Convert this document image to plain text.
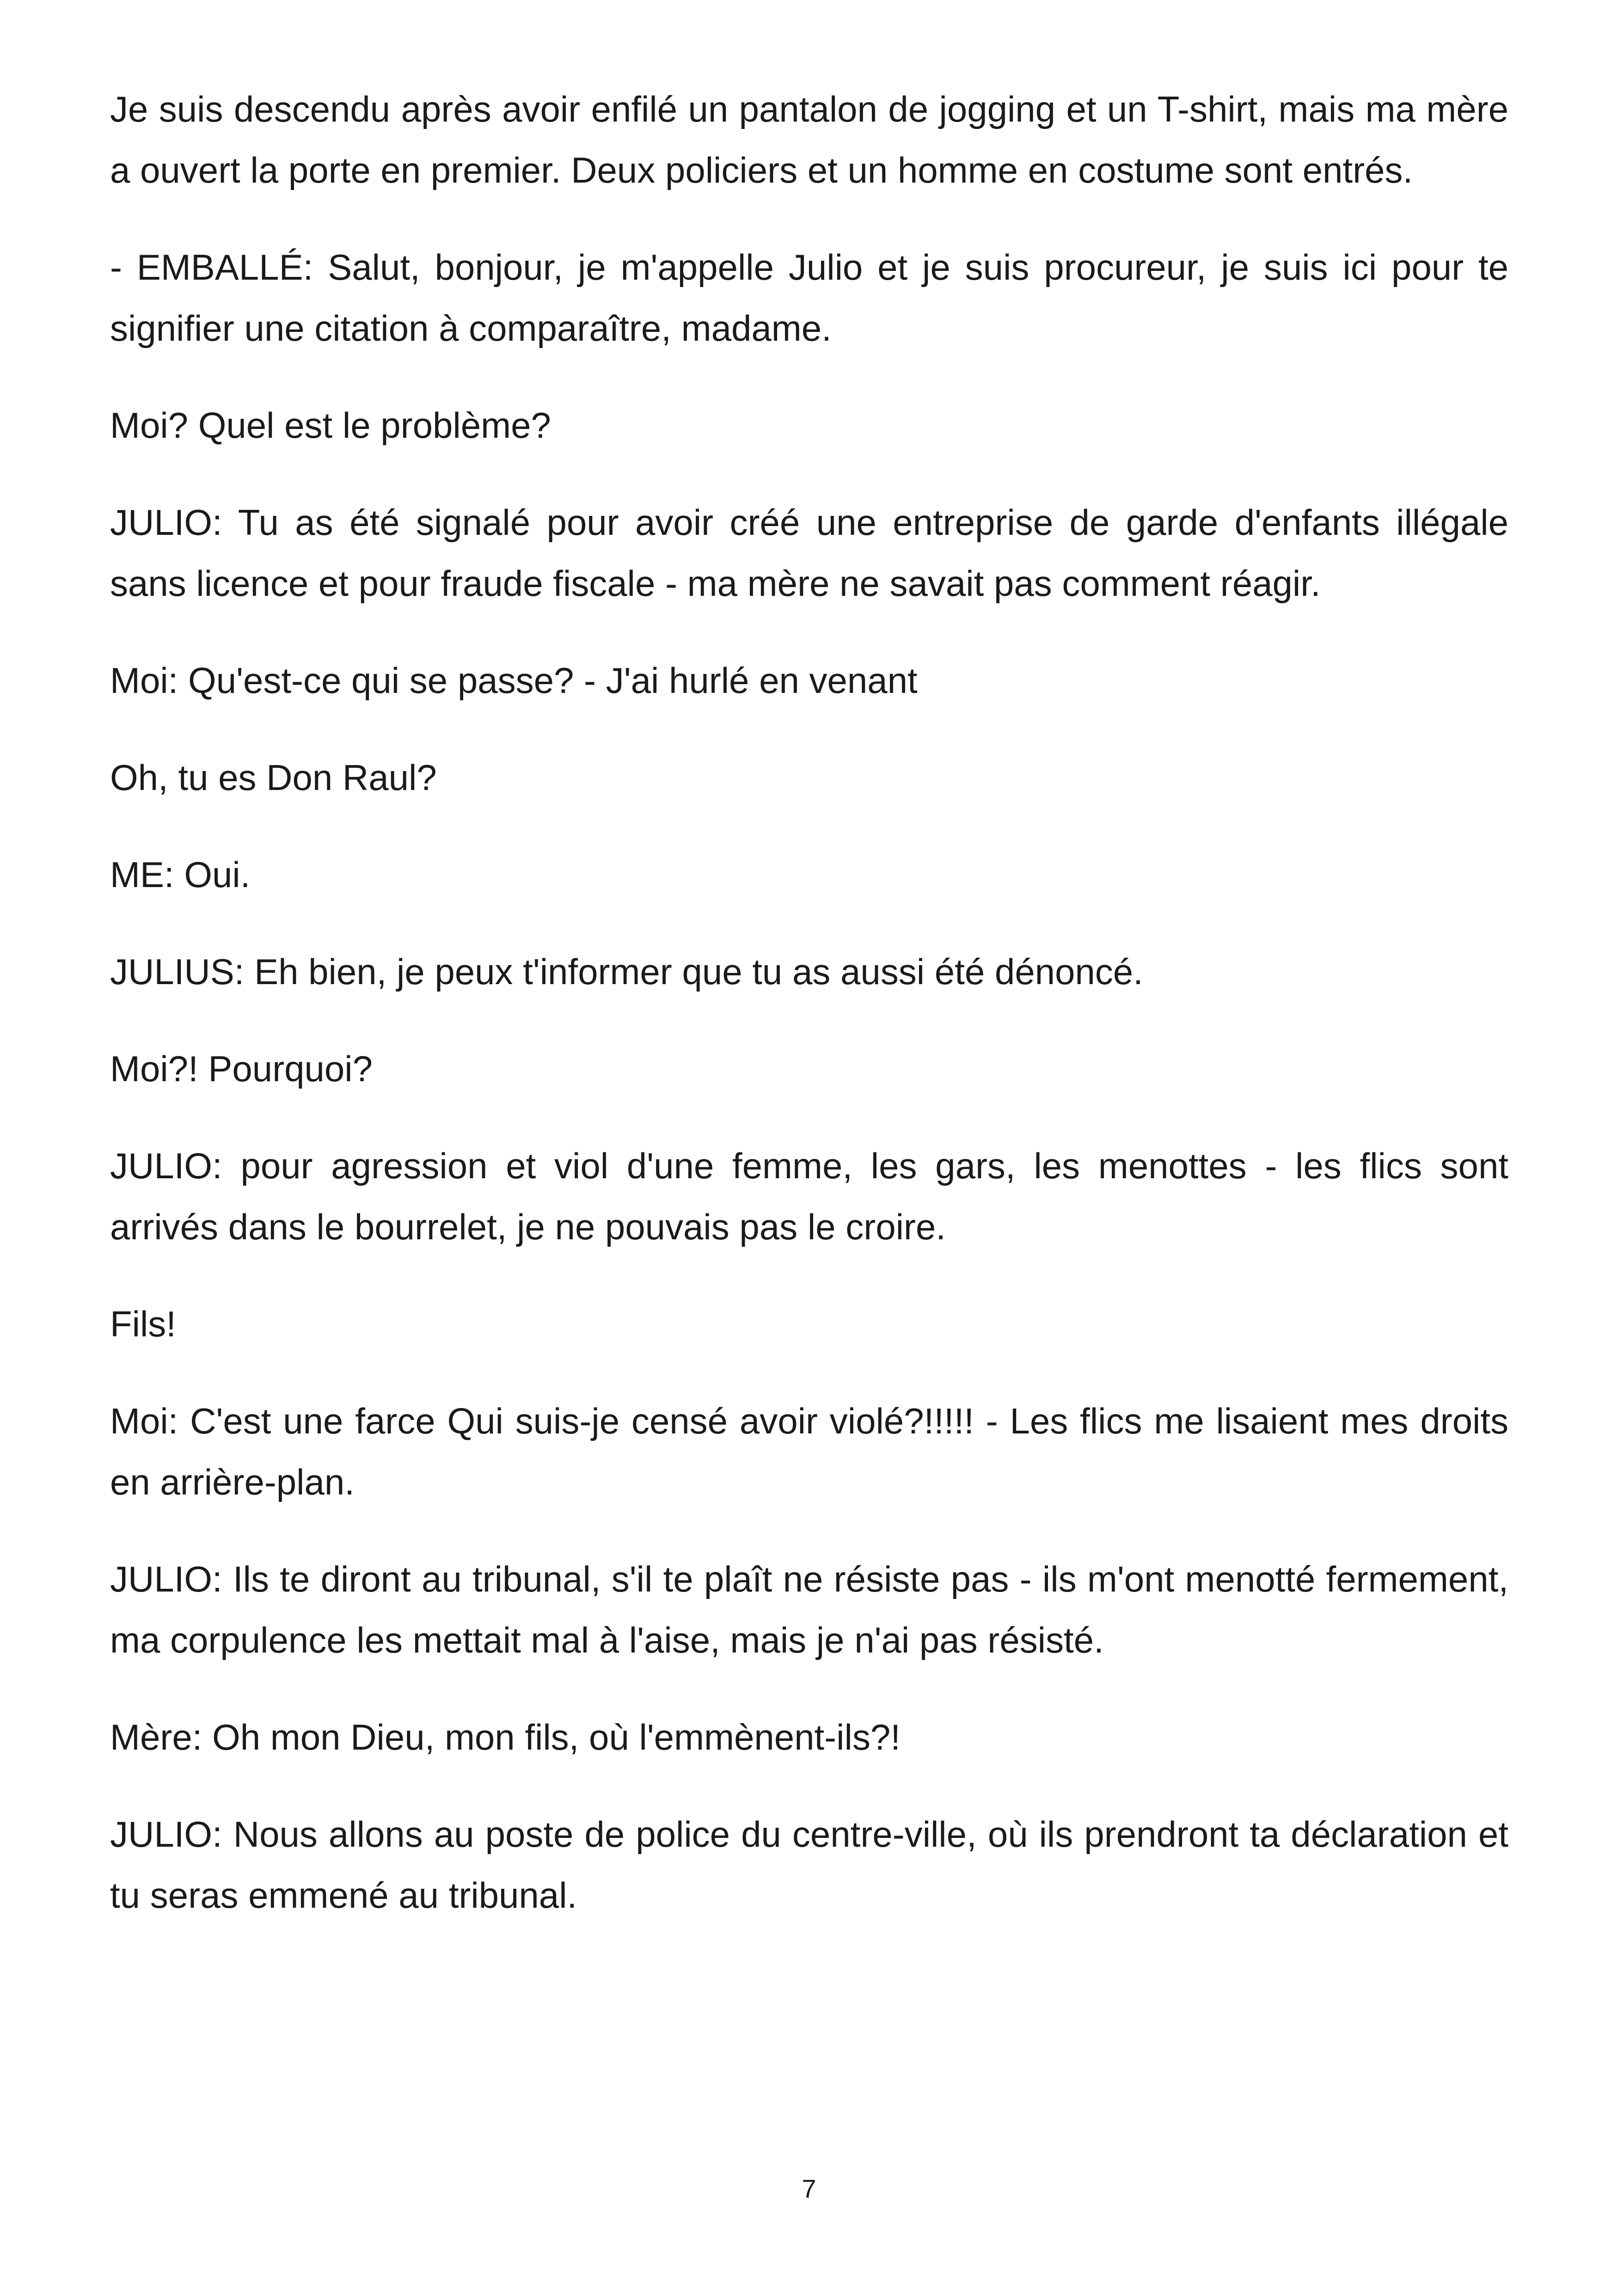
Je suis descendu après avoir enfilé un pantalon de jogging et un T-shirt, mais ma mère a ouvert la porte en premier. Deux policiers et un homme en costume sont entrés.

- EMBALLÉ: Salut, bonjour, je m'appelle Julio et je suis procureur, je suis ici pour te signifier une citation à comparaître, madame.

Moi? Quel est le problème?

JULIO: Tu as été signalé pour avoir créé une entreprise de garde d'enfants illégale sans licence et pour fraude fiscale - ma mère ne savait pas comment réagir.

Moi: Qu'est-ce qui se passe? - J'ai hurlé en venant

Oh, tu es Don Raul?

ME: Oui.

JULIUS: Eh bien, je peux t'informer que tu as aussi été dénoncé.

Moi?! Pourquoi?

JULIO: pour agression et viol d'une femme, les gars, les menottes - les flics sont arrivés dans le bourrelet, je ne pouvais pas le croire.

Fils!

Moi: C'est une farce Qui suis-je censé avoir violé?!!!!! - Les flics me lisaient mes droits en arrière-plan.

JULIO: Ils te diront au tribunal, s'il te plaît ne résiste pas - ils m'ont menotté fermement, ma corpulence les mettait mal à l'aise, mais je n'ai pas résisté.

Mère: Oh mon Dieu, mon fils, où l'emmènent-ils?!

JULIO: Nous allons au poste de police du centre-ville, où ils prendront ta déclaration et tu seras emmené au tribunal.

7
